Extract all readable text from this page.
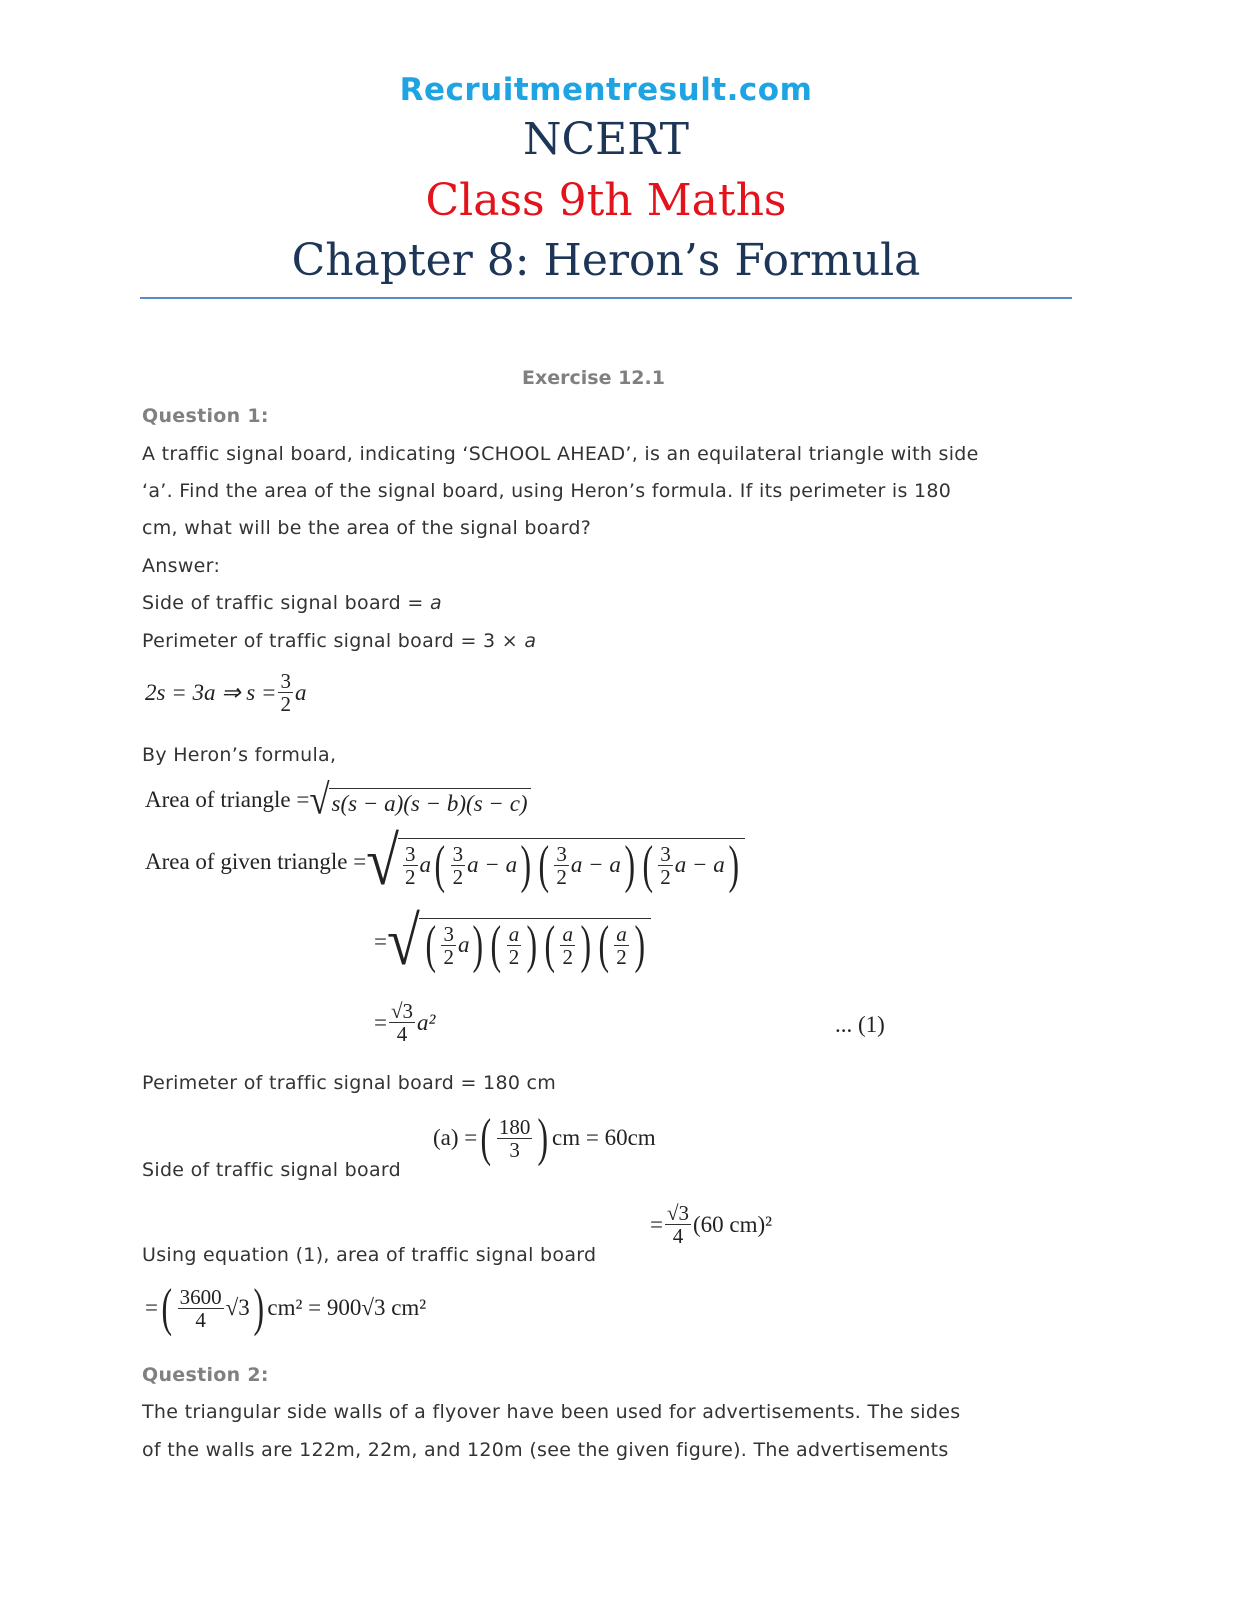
Recruitmentresult.com
NCERT
Class 9th Maths
Chapter 8: Heron’s Formula
Exercise 12.1
Question 1:
A traffic signal board, indicating ‘SCHOOL AHEAD’, is an equilateral triangle with side
‘a’. Find the area of the signal board, using Heron’s formula. If its perimeter is 180
cm, what will be the area of the signal board?
Answer:
Side of traffic signal board = a
Perimeter of traffic signal board = 3 × a
2s = 3a ⇒ $s = \frac{3}{2}$ a
By Heron’s formula,
Area of triangle = √ s(s − a)(s − b)(s − c)
Area of given triangle = √ $\frac{3}{2}$ a ( $\frac{3}{2}$ a − a
) ( $\frac{3}{2}$ a − a
) ( $\frac{3}{2}$ a − a
)
= √ ( $\frac{3}{2}$ a
) ( $\frac{a}{2}$
) ( $\frac{a}{2}$
) ( $\frac{a}{2}$
)
= $\frac{√3}{4} a^2$	... (1)
Perimeter of traffic signal board = 180 cm
(a) = ( $\frac{180}{3}$
) cm = 60cm
Side of traffic signal board
= $\frac{√3}{4} (60$ cm)²
Using equation (1), area of traffic signal board
= ( $\frac{3600}{4} √3$
) cm² = 900√3 cm²
Question 2:
The triangular side walls of a flyover have been used for advertisements. The sides
of the walls are 122m, 22m, and 120m (see the given figure). The advertisements
